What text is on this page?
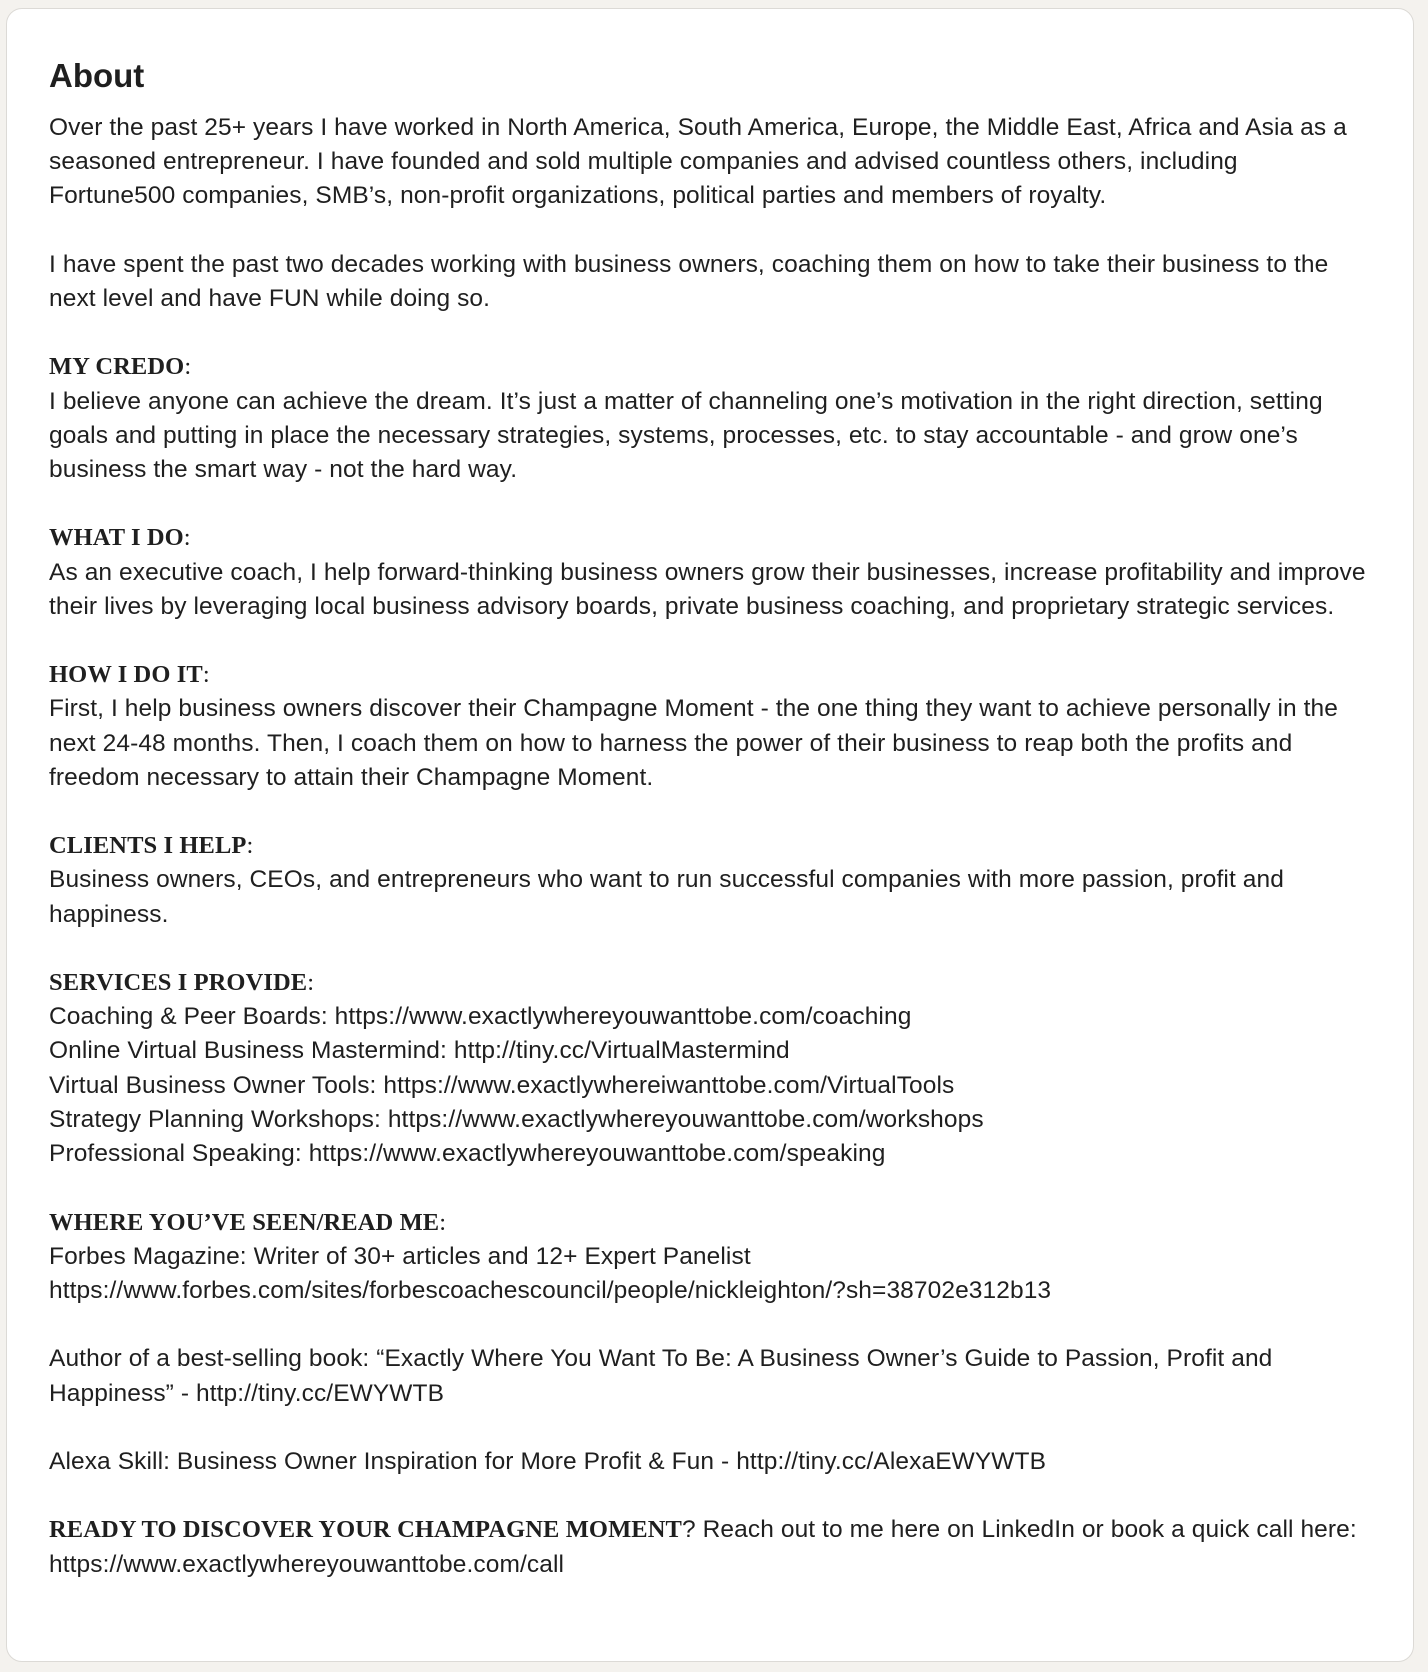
About
Over the past 25+ years I have worked in North America, South America, Europe, the Middle East, Africa and Asia as a seasoned entrepreneur. I have founded and sold multiple companies and advised countless others, including Fortune500 companies, SMB’s, non-profit organizations, political parties and members of royalty.

I have spent the past two decades working with business owners, coaching them on how to take their business to the next level and have FUN while doing so.

MY CREDO:
I believe anyone can achieve the dream. It’s just a matter of channeling one’s motivation in the right direction, setting goals and putting in place the necessary strategies, systems, processes, etc. to stay accountable - and grow one’s business the smart way - not the hard way.

WHAT I DO:
As an executive coach, I help forward-thinking business owners grow their businesses, increase profitability and improve their lives by leveraging local business advisory boards, private business coaching, and proprietary strategic services.

HOW I DO IT:
First, I help business owners discover their Champagne Moment - the one thing they want to achieve personally in the next 24-48 months. Then, I coach them on how to harness the power of their business to reap both the profits and freedom necessary to attain their Champagne Moment.

CLIENTS I HELP:
Business owners, CEOs, and entrepreneurs who want to run successful companies with more passion, profit and happiness.

SERVICES I PROVIDE:
Coaching & Peer Boards: https://www.exactlywhereyouwanttobe.com/coaching
Online Virtual Business Mastermind: http://tiny.cc/VirtualMastermind
Virtual Business Owner Tools: https://www.exactlywhereiwanttobe.com/VirtualTools
Strategy Planning Workshops: https://www.exactlywhereyouwanttobe.com/workshops
Professional Speaking: https://www.exactlywhereyouwanttobe.com/speaking

WHERE YOU’VE SEEN/READ ME:
Forbes Magazine: Writer of 30+ articles and 12+ Expert Panelist
https://www.forbes.com/sites/forbescoachescouncil/people/nickleighton/?sh=38702e312b13

Author of a best-selling book: “Exactly Where You Want To Be: A Business Owner’s Guide to Passion, Profit and Happiness” - http://tiny.cc/EWYWTB

Alexa Skill: Business Owner Inspiration for More Profit & Fun - http://tiny.cc/AlexaEWYWTB

READY TO DISCOVER YOUR CHAMPAGNE MOMENT? Reach out to me here on LinkedIn or book a quick call here: https://www.exactlywhereyouwanttobe.com/call
